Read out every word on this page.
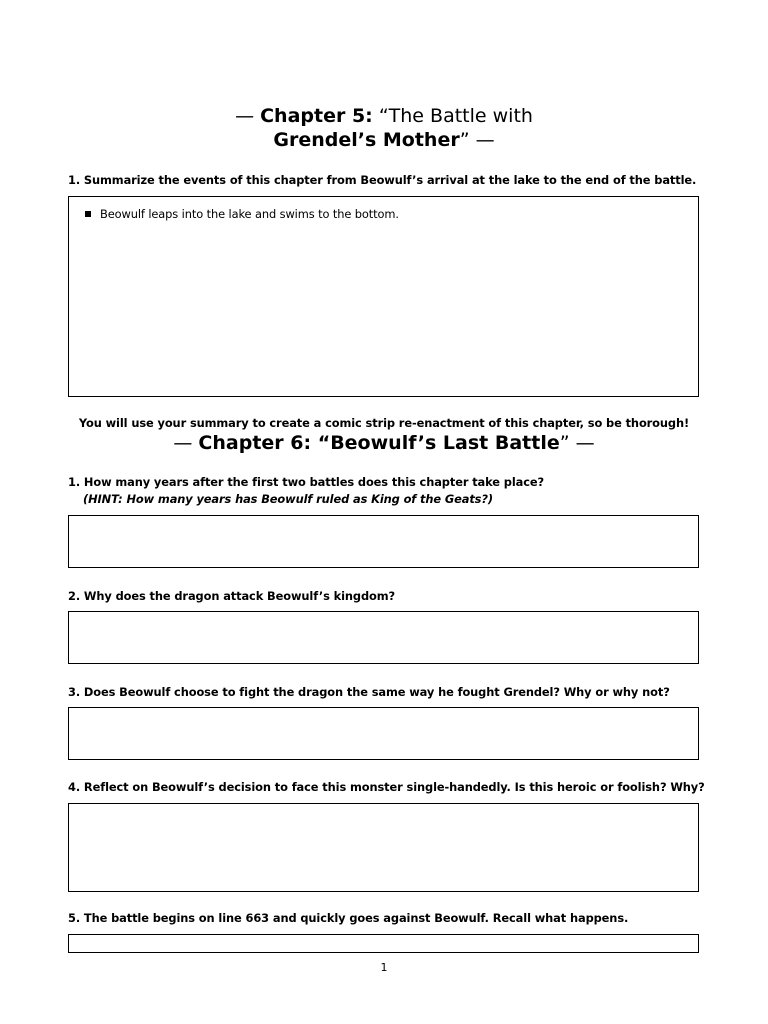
— Chapter 5: “The Battle with
Grendel’s Mother” —
1. Summarize the events of this chapter from Beowulf’s arrival at the lake to the end of the battle.
Beowulf leaps into the lake and swims to the bottom.
You will use your summary to create a comic strip re-enactment of this chapter, so be thorough!
— Chapter 6: “Beowulf’s Last Battle” —
1. How many years after the first two battles does this chapter take place?
(HINT: How many years has Beowulf ruled as King of the Geats?)
2. Why does the dragon attack Beowulf’s kingdom?
3. Does Beowulf choose to fight the dragon the same way he fought Grendel? Why or why not?
4. Reflect on Beowulf’s decision to face this monster single-handedly. Is this heroic or foolish? Why?
5. The battle begins on line 663 and quickly goes against Beowulf. Recall what happens.
1
